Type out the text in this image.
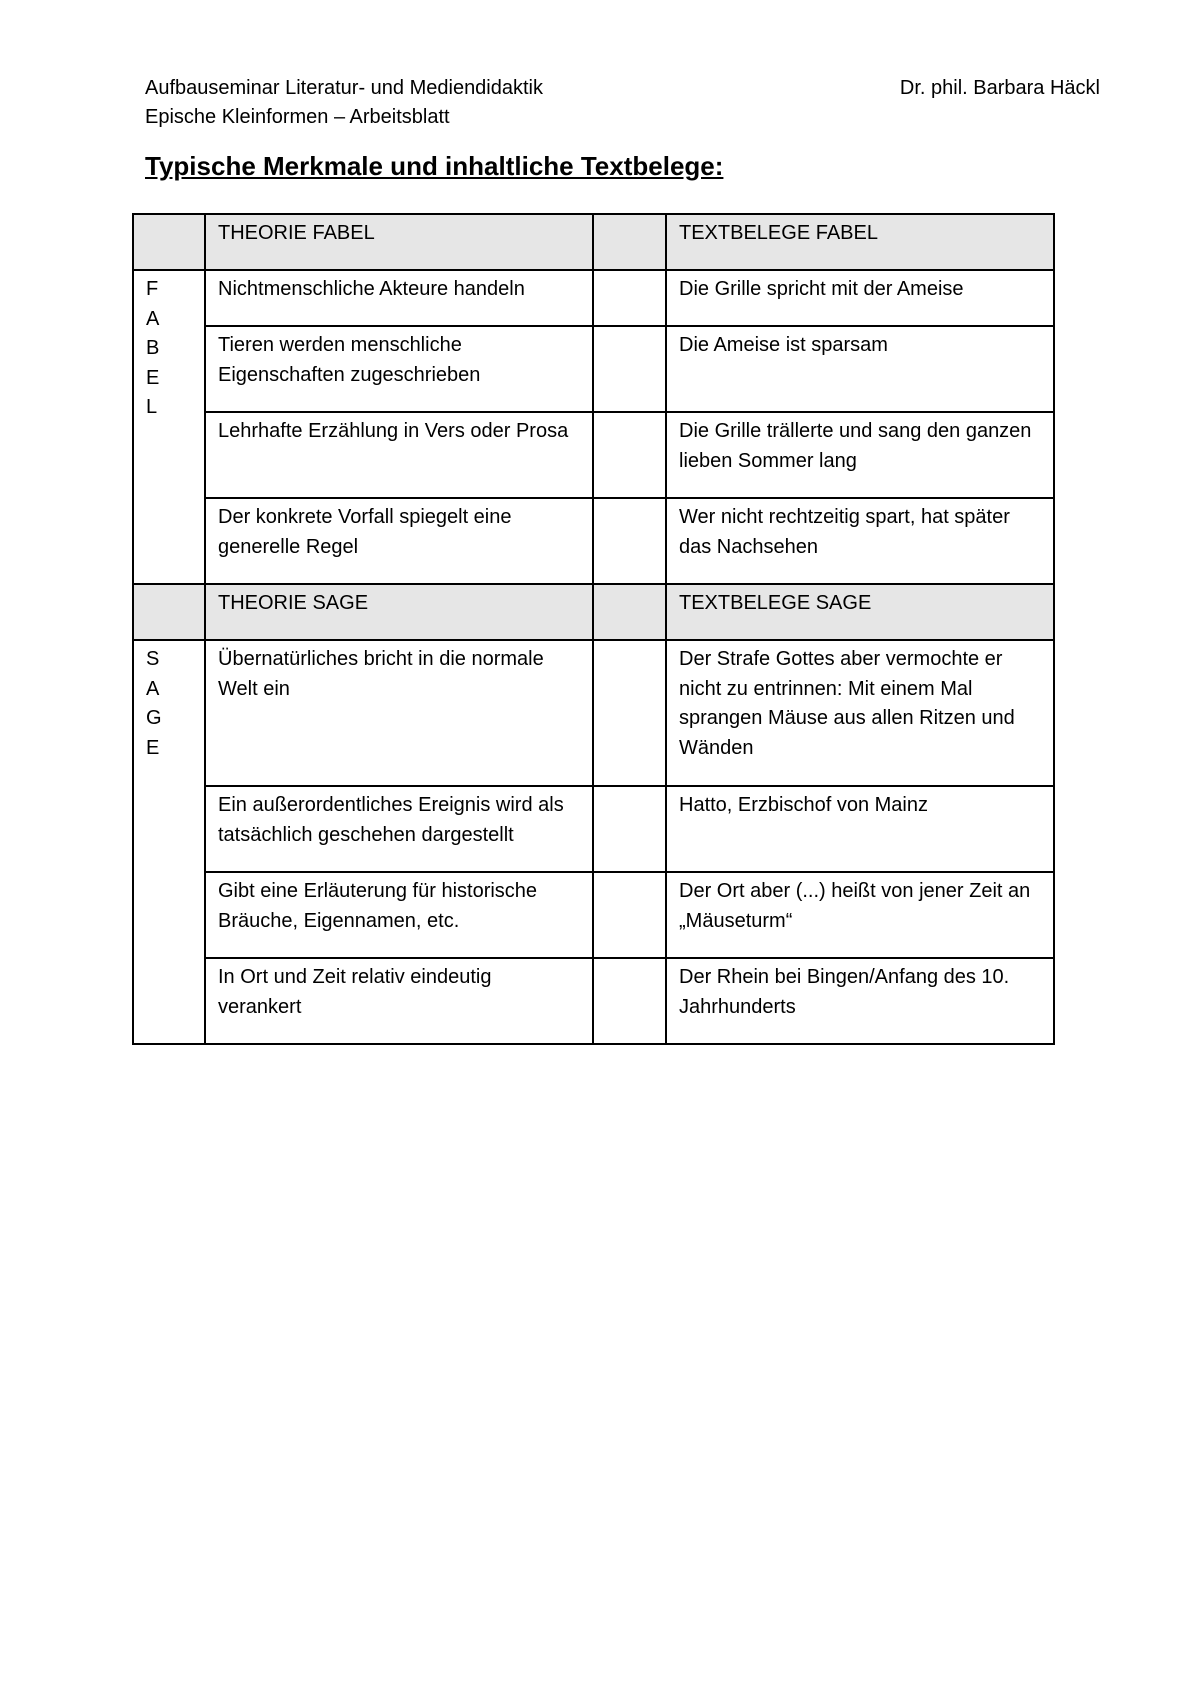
Aufbauseminar Literatur- und Mediendidaktik
Epische Kleinformen – Arbeitsblatt
Dr. phil. Barbara Häckl
Typische Merkmale und inhaltliche Textbelege:
	THEORIE FABEL		TEXTBELEGE FABEL

F
A
B
E
L	Nichtmenschliche Akteure handeln		Die Grille spricht mit der Ameise
	Tieren werden menschliche Eigenschaften zugeschrieben		Die Ameise ist sparsam
	Lehrhafte Erzählung in Vers oder Prosa		Die Grille trällerte und sang den ganzen lieben Sommer lang
	Der konkrete Vorfall spiegelt eine generelle Regel		Wer nicht rechtzeitig spart, hat später das Nachsehen
	THEORIE SAGE		TEXTBELEGE SAGE

S
A
G
E	Übernatürliches bricht in die normale Welt ein		Der Strafe Gottes aber vermochte er nicht zu entrinnen: Mit einem Mal sprangen Mäuse aus allen Ritzen und Wänden
	Ein außerordentliches Ereignis wird als tatsächlich geschehen dargestellt		Hatto, Erzbischof von Mainz
	Gibt eine Erläuterung für historische Bräuche, Eigennamen, etc.		Der Ort aber (...) heißt von jener Zeit an „Mäuseturm“
	In Ort und Zeit relativ eindeutig verankert		Der Rhein bei Bingen/Anfang des 10. Jahrhunderts
